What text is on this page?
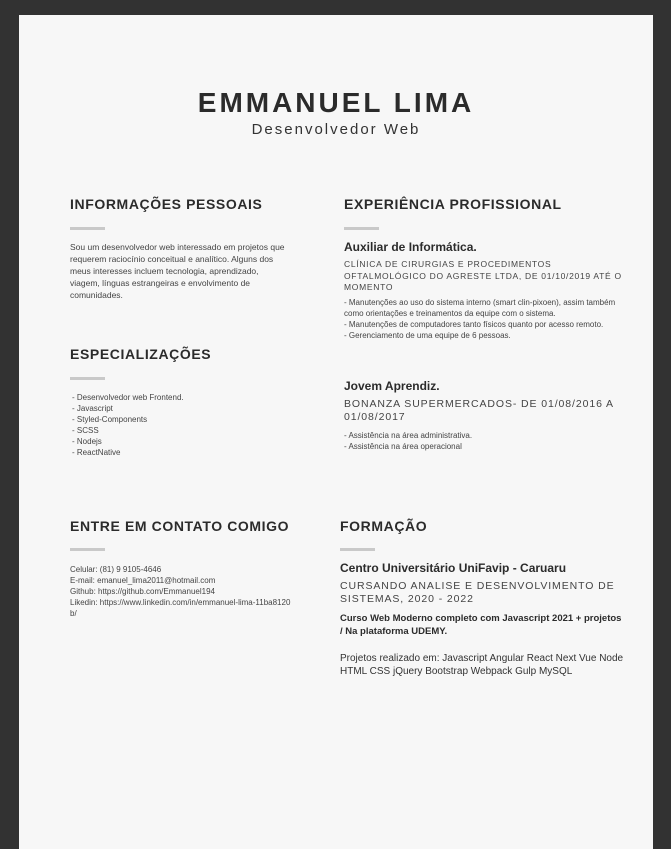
EMMANUEL LIMA
Desenvolvedor Web
INFORMAÇÕES PESSOAIS
Sou um desenvolvedor web interessado em projetos que requerem raciocínio conceitual e analítico. Alguns dos meus interesses incluem tecnologia, aprendizado, viagem, línguas estrangeiras e envolvimento de comunidades.
ESPECIALIZAÇÕES
- Desenvolvedor web Frontend.
- Javascript
- Styled-Components
- SCSS
- Nodejs
- ReactNative
ENTRE EM CONTATO COMIGO
Celular: (81) 9 9105-4646
E-mail: emanuel_lima2011@hotmail.com
Github: https://github.com/Emmanuel194
Likedin: https://www.linkedin.com/in/emmanuel-lima-11ba8120b/
EXPERIÊNCIA PROFISSIONAL
Auxiliar de Informática.
CLÍNICA DE CIRURGIAS E PROCEDIMENTOS OFTALMOLÓGICO DO AGRESTE LTDA, DE 01/10/2019 ATÉ O MOMENTO
- Manutenções ao uso do sistema interno (smart clin-pixoen), assim também como orientações e treinamentos da equipe com o sistema.
- Manutenções de computadores tanto físicos quanto por acesso remoto.
- Gerenciamento de uma equipe de 6 pessoas.
Jovem Aprendiz.
BONANZA SUPERMERCADOS- DE 01/08/2016 A 01/08/2017
- Assistência na área administrativa.
- Assistência na área operacional
FORMAÇÃO
Centro Universitário UniFavip - Caruaru
CURSANDO ANALISE E DESENVOLVIMENTO DE SISTEMAS, 2020 - 2022
Curso Web Moderno completo com Javascript 2021 + projetos / Na plataforma UDEMY.
Projetos realizado em: Javascript Angular React Next Vue Node HTML CSS jQuery Bootstrap Webpack Gulp MySQL
